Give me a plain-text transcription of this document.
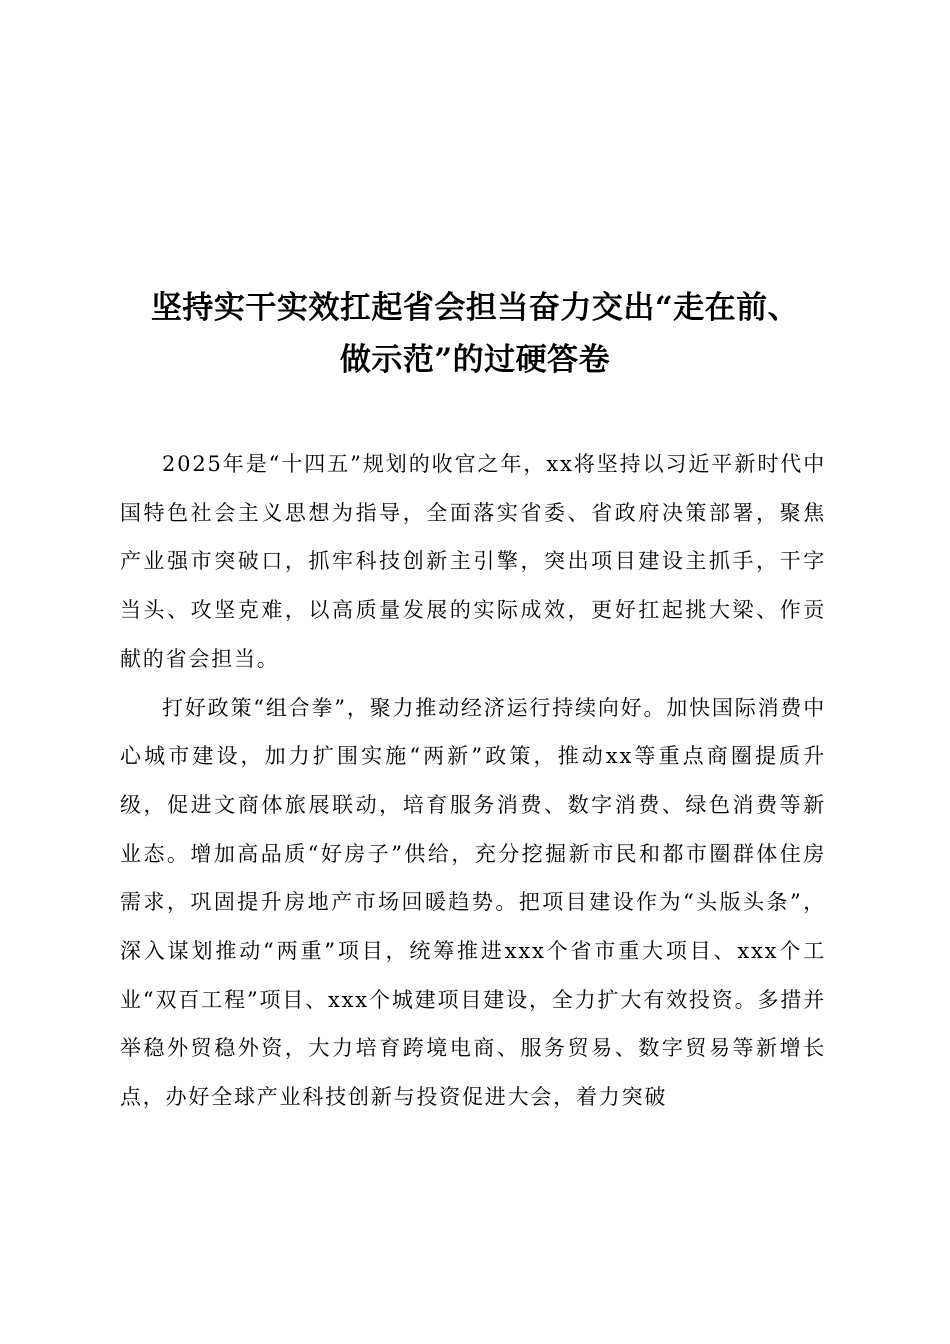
坚持实干实效扛起省会担当奋力交出“走在前、
做示范”的过硬答卷

2025年是“十四五”规划的收官之年，xx将坚持以习近平新时代中国特色社会主义思想为指导，全面落实省委、省政府决策部署，聚焦产业强市突破口，抓牢科技创新主引擎，突出项目建设主抓手，干字当头、攻坚克难，以高质量发展的实际成效，更好扛起挑大梁、作贡献的省会担当。

打好政策“组合拳”，聚力推动经济运行持续向好。加快国际消费中心城市建设，加力扩围实施“两新”政策，推动xx等重点商圈提质升级，促进文商体旅展联动，培育服务消费、数字消费、绿色消费等新业态。增加高品质“好房子”供给，充分挖掘新市民和都市圈群体住房需求，巩固提升房地产市场回暖趋势。把项目建设作为“头版头条”，深入谋划推动“两重”项目，统筹推进xxx个省市重大项目、xxx个工业“双百工程”项目、xxx个城建项目建设，全力扩大有效投资。多措并举稳外贸稳外资，大力培育跨境电商、服务贸易、数字贸易等新增长点，办好全球产业科技创新与投资促进大会，着力突破
